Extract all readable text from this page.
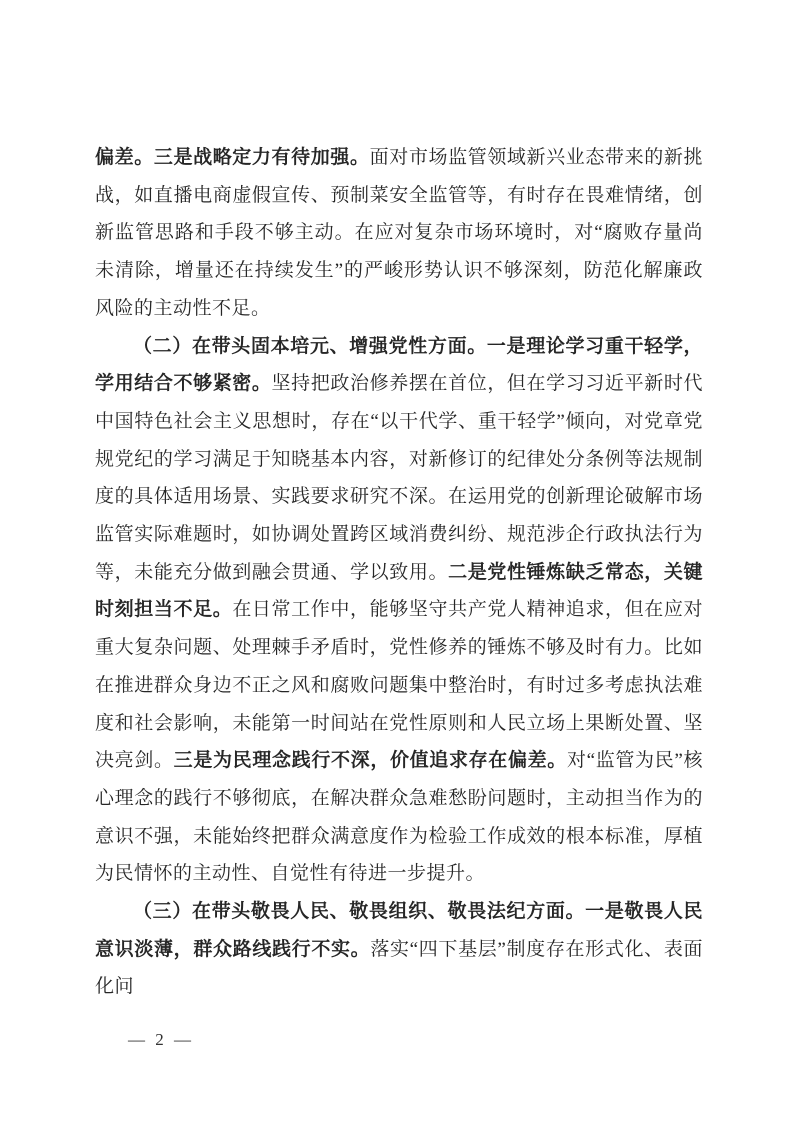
偏差。三是战略定力有待加强。面对市场监管领域新兴业态带来的新挑战，如直播电商虚假宣传、预制菜安全监管等，有时存在畏难情绪，创新监管思路和手段不够主动。在应对复杂市场环境时，对“腐败存量尚未清除，增量还在持续发生”的严峻形势认识不够深刻，防范化解廉政风险的主动性不足。

（二）在带头固本培元、增强党性方面。一是理论学习重干轻学，学用结合不够紧密。坚持把政治修养摆在首位，但在学习习近平新时代中国特色社会主义思想时，存在“以干代学、重干轻学”倾向，对党章党规党纪的学习满足于知晓基本内容，对新修订的纪律处分条例等法规制度的具体适用场景、实践要求研究不深。在运用党的创新理论破解市场监管实际难题时，如协调处置跨区域消费纠纷、规范涉企行政执法行为等，未能充分做到融会贯通、学以致用。二是党性锤炼缺乏常态，关键时刻担当不足。在日常工作中，能够坚守共产党人精神追求，但在应对重大复杂问题、处理棘手矛盾时，党性修养的锤炼不够及时有力。比如在推进群众身边不正之风和腐败问题集中整治时，有时过多考虑执法难度和社会影响，未能第一时间站在党性原则和人民立场上果断处置、坚决亮剑。三是为民理念践行不深，价值追求存在偏差。对“监管为民”核心理念的践行不够彻底，在解决群众急难愁盼问题时，主动担当作为的意识不强，未能始终把群众满意度作为检验工作成效的根本标准，厚植为民情怀的主动性、自觉性有待进一步提升。

（三）在带头敬畏人民、敬畏组织、敬畏法纪方面。一是敬畏人民意识淡薄，群众路线践行不实。落实“四下基层”制度存在形式化、表面化问

— 2 —
